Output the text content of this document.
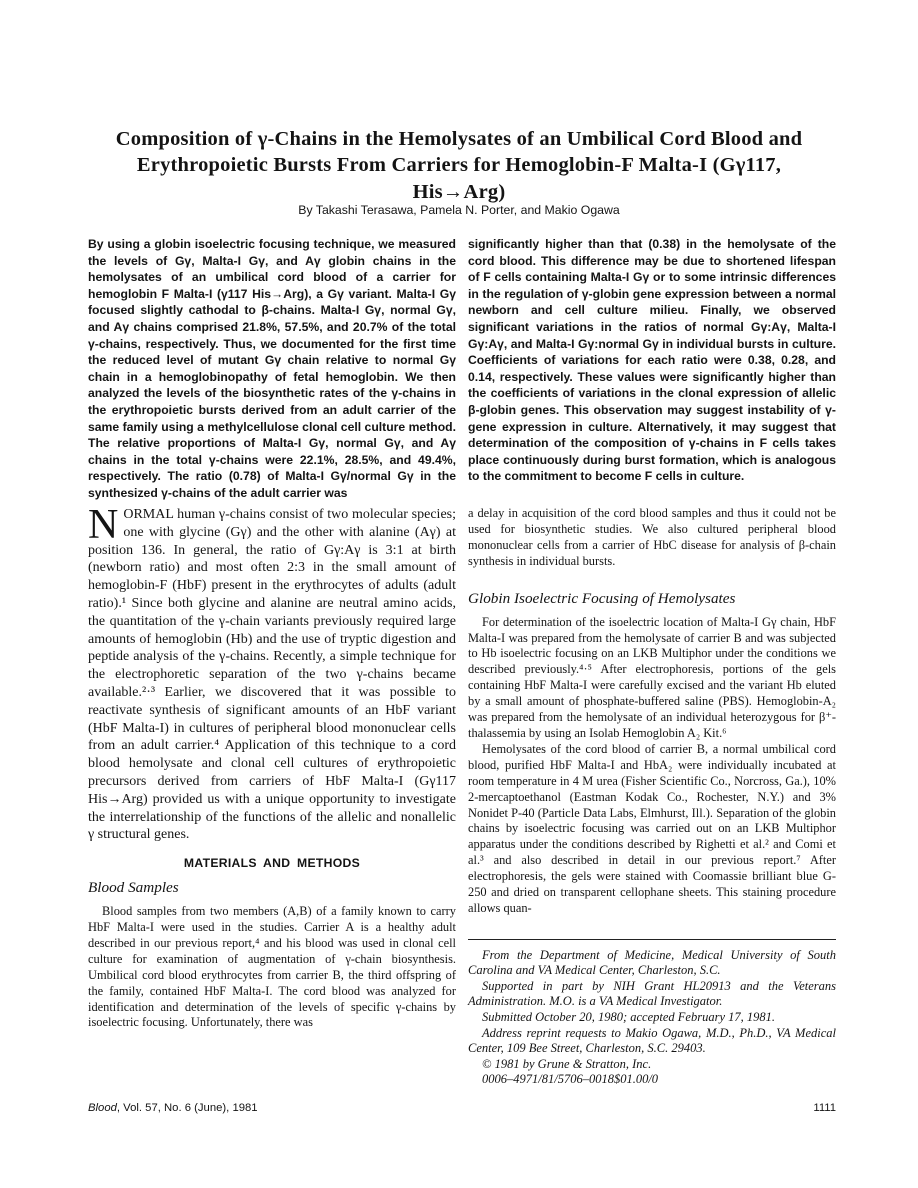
Composition of γ-Chains in the Hemolysates of an Umbilical Cord Blood and Erythropoietic Bursts From Carriers for Hemoglobin-F Malta-I (Gγ117, His→Arg)
By Takashi Terasawa, Pamela N. Porter, and Makio Ogawa
By using a globin isoelectric focusing technique, we measured the levels of Gγ, Malta-I Gγ, and Aγ globin chains in the hemolysates of an umbilical cord blood of a carrier for hemoglobin F Malta-I (γ117 His→Arg), a Gγ variant. Malta-I Gγ focused slightly cathodal to β-chains. Malta-I Gγ, normal Gγ, and Aγ chains comprised 21.8%, 57.5%, and 20.7% of the total γ-chains, respectively. Thus, we documented for the first time the reduced level of mutant Gγ chain relative to normal Gγ chain in a hemoglobinopathy of fetal hemoglobin. We then analyzed the levels of the biosynthetic rates of the γ-chains in the erythropoietic bursts derived from an adult carrier of the same family using a methylcellulose clonal cell culture method. The relative proportions of Malta-I Gγ, normal Gγ, and Aγ chains in the total γ-chains were 22.1%, 28.5%, and 49.4%, respectively. The ratio (0.78) of Malta-I Gγ/normal Gγ in the synthesized γ-chains of the adult carrier was
significantly higher than that (0.38) in the hemolysate of the cord blood. This difference may be due to shortened lifespan of F cells containing Malta-I Gγ or to some intrinsic differences in the regulation of γ-globin gene expression between a normal newborn and cell culture milieu. Finally, we observed significant variations in the ratios of normal Gγ:Aγ, Malta-I Gγ:Aγ, and Malta-I Gγ:normal Gγ in individual bursts in culture. Coefficients of variations for each ratio were 0.38, 0.28, and 0.14, respectively. These values were significantly higher than the coefficients of variations in the clonal expression of allelic β-globin genes. This observation may suggest instability of γ-gene expression in culture. Alternatively, it may suggest that determination of the composition of γ-chains in F cells takes place continuously during burst formation, which is analogous to the commitment to become F cells in culture.

NORMAL human γ-chains consist of two molecular species; one with glycine (Gγ) and the other with alanine (Aγ) at position 136. In general, the ratio of Gγ:Aγ is 3:1 at birth (newborn ratio) and most often 2:3 in the small amount of hemoglobin-F (HbF) present in the erythrocytes of adults (adult ratio).¹ Since both glycine and alanine are neutral amino acids, the quantitation of the γ-chain variants previously required large amounts of hemoglobin (Hb) and the use of tryptic digestion and peptide analysis of the γ-chains. Recently, a simple technique for the electrophoretic separation of the two γ-chains became available.²·³ Earlier, we discovered that it was possible to reactivate synthesis of significant amounts of an HbF variant (HbF Malta-I) in cultures of peripheral blood mononuclear cells from an adult carrier.⁴ Application of this technique to a cord blood hemolysate and clonal cell cultures of erythropoietic precursors derived from carriers of HbF Malta-I (Gγ117 His→Arg) provided us with a unique opportunity to investigate the interrelationship of the functions of the allelic and nonallelic γ structural genes.

MATERIALS AND METHODS
Blood Samples

Blood samples from two members (A,B) of a family known to carry HbF Malta-I were used in the studies. Carrier A is a healthy adult described in our previous report,⁴ and his blood was used in clonal cell culture for examination of augmentation of γ-chain biosynthesis. Umbilical cord blood erythrocytes from carrier B, the third offspring of the family, contained HbF Malta-I. The cord blood was analyzed for identification and determination of the levels of specific γ-chains by isoelectric focusing. Unfortunately, there was

a delay in acquisition of the cord blood samples and thus it could not be used for biosynthetic studies. We also cultured peripheral blood mononuclear cells from a carrier of HbC disease for analysis of β-chain synthesis in individual bursts.

Globin Isoelectric Focusing of Hemolysates

For determination of the isoelectric location of Malta-I Gγ chain, HbF Malta-I was prepared from the hemolysate of carrier B and was subjected to Hb isoelectric focusing on an LKB Multiphor under the conditions we described previously.⁴·⁵ After electrophoresis, portions of the gels containing HbF Malta-I were carefully excised and the variant Hb eluted by a small amount of phosphate-buffered saline (PBS). Hemoglobin-A₂ was prepared from the hemolysate of an individual heterozygous for β⁺-thalassemia by using an Isolab Hemoglobin A₂ Kit.⁶

Hemolysates of the cord blood of carrier B, a normal umbilical cord blood, purified HbF Malta-I and HbA₂ were individually incubated at room temperature in 4 M urea (Fisher Scientific Co., Norcross, Ga.), 10% 2-mercaptoethanol (Eastman Kodak Co., Rochester, N.Y.) and 3% Nonidet P-40 (Particle Data Labs, Elmhurst, Ill.). Separation of the globin chains by isoelectric focusing was carried out on an LKB Multiphor apparatus under the conditions described by Righetti et al.² and Comi et al.³ and also described in detail in our previous report.⁷ After electrophoresis, the gels were stained with Coomassie brilliant blue G-250 and dried on transparent cellophane sheets. This staining procedure allows quan-

From the Department of Medicine, Medical University of South Carolina and VA Medical Center, Charleston, S.C.

Supported in part by NIH Grant HL20913 and the Veterans Administration. M.O. is a VA Medical Investigator.

Submitted October 20, 1980; accepted February 17, 1981.

Address reprint requests to Makio Ogawa, M.D., Ph.D., VA Medical Center, 109 Bee Street, Charleston, S.C. 29403.

© 1981 by Grune & Stratton, Inc.

0006–4971/81/5706–0018$01.00/0

Blood, Vol. 57, No. 6 (June), 1981	1111
